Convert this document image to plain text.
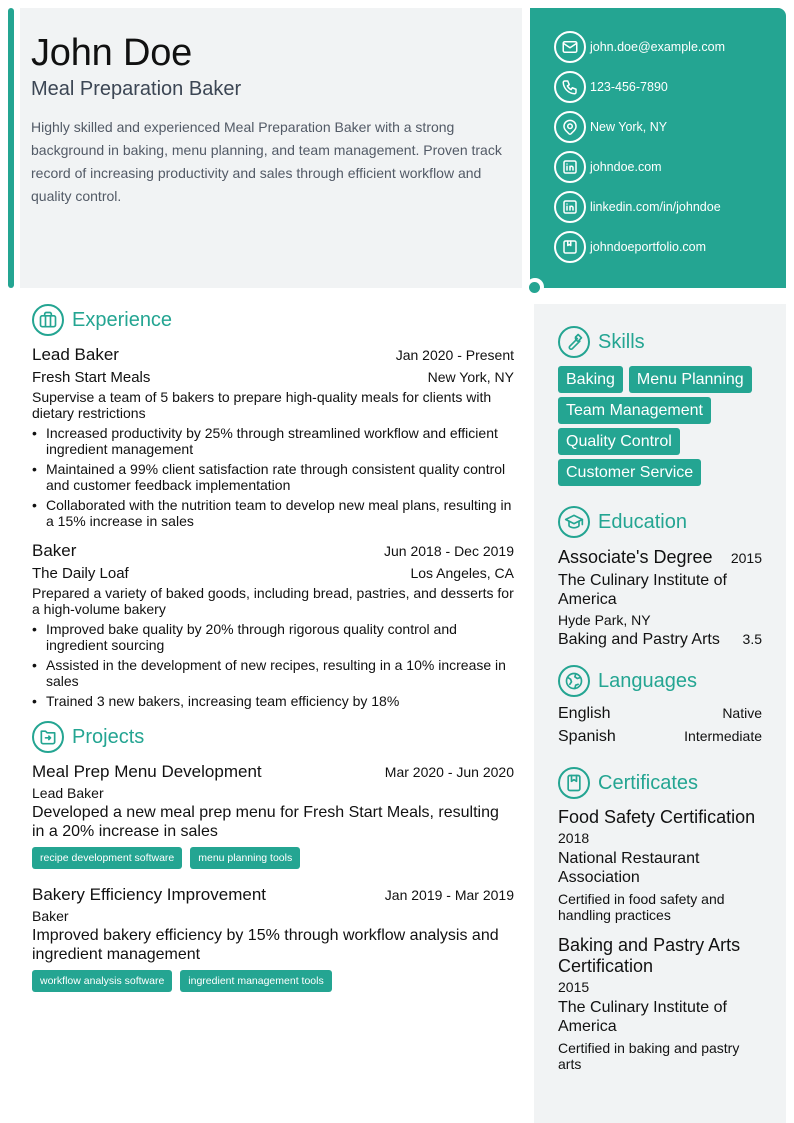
John Doe
Meal Preparation Baker
Highly skilled and experienced Meal Preparation Baker with a strong background in baking, menu planning, and team management. Proven track record of increasing productivity and sales through efficient workflow and quality control.
john.doe@example.com
123-456-7890
New York, NY
johndoe.com
linkedin.com/in/johndoe
johndoeportfolio.com
Experience
Lead Baker	Jan 2020 - Present
Fresh Start Meals	New York, NY
Supervise a team of 5 bakers to prepare high-quality meals for clients with dietary restrictions
• Increased productivity by 25% through streamlined workflow and efficient ingredient management
• Maintained a 99% client satisfaction rate through consistent quality control and customer feedback implementation
• Collaborated with the nutrition team to develop new meal plans, resulting in a 15% increase in sales
Baker	Jun 2018 - Dec 2019
The Daily Loaf	Los Angeles, CA
Prepared a variety of baked goods, including bread, pastries, and desserts for a high-volume bakery
• Improved bake quality by 20% through rigorous quality control and ingredient sourcing
• Assisted in the development of new recipes, resulting in a 10% increase in sales
• Trained 3 new bakers, increasing team efficiency by 18%
Projects
Meal Prep Menu Development	Mar 2020 - Jun 2020
Lead Baker
Developed a new meal prep menu for Fresh Start Meals, resulting in a 20% increase in sales
recipe development software	menu planning tools
Bakery Efficiency Improvement	Jan 2019 - Mar 2019
Baker
Improved bakery efficiency by 15% through workflow analysis and ingredient management
workflow analysis software	ingredient management tools
Skills
Baking	Menu Planning
Team Management
Quality Control
Customer Service
Education
Associate's Degree 2015
The Culinary Institute of America
Hyde Park, NY
Baking and Pastry Arts 3.5
Languages
English	Native
Spanish	Intermediate
Certificates
Food Safety Certification
2018
National Restaurant Association
Certified in food safety and handling practices
Baking and Pastry Arts Certification
2015
The Culinary Institute of America
Certified in baking and pastry arts
